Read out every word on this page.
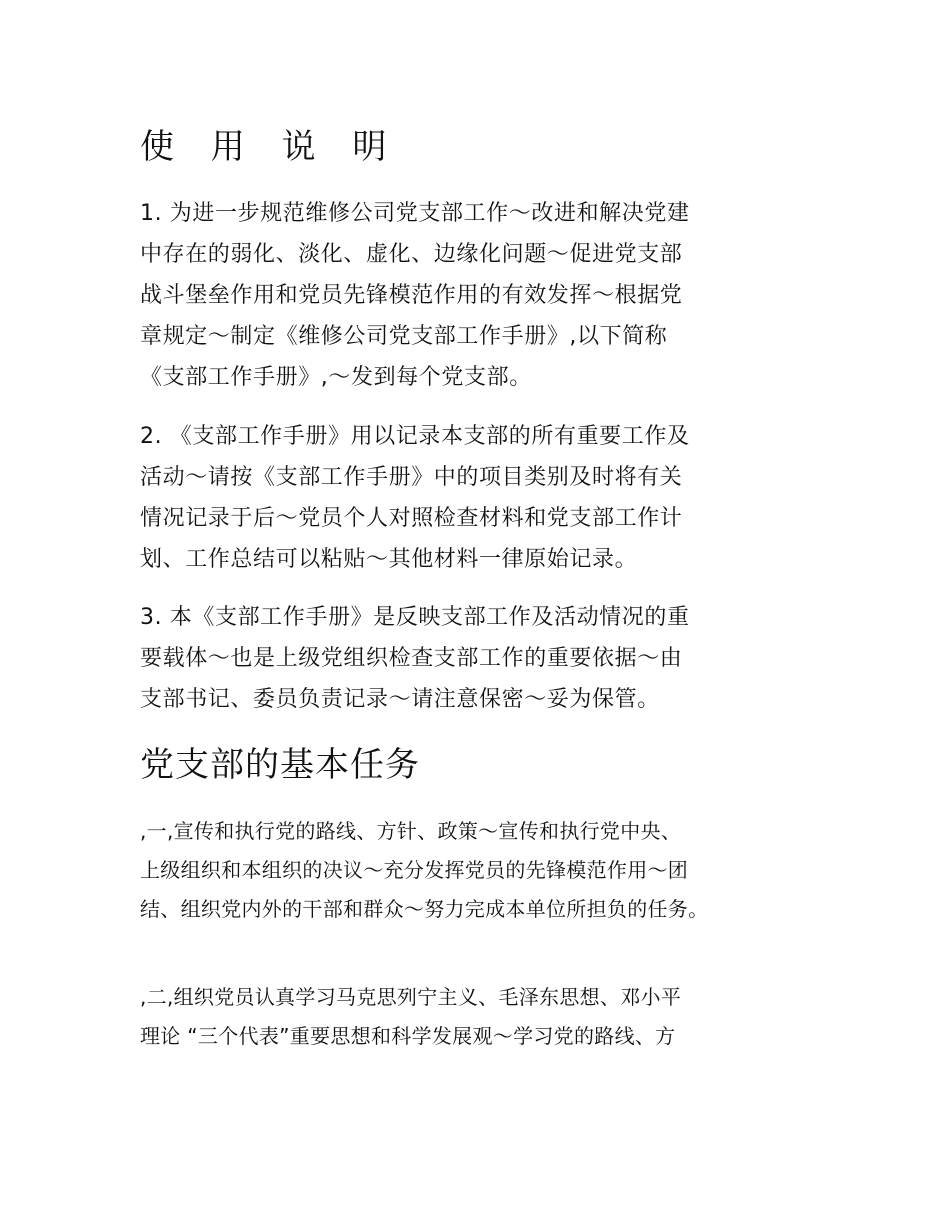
使 用 说 明

1. 为进一步规范维修公司党支部工作～改进和解决党建
中存在的弱化、淡化、虚化、边缘化问题～促进党支部
战斗堡垒作用和党员先锋模范作用的有效发挥～根据党
章规定～制定《维修公司党支部工作手册》,以下简称
《支部工作手册》,～发到每个党支部。

2. 《支部工作手册》用以记录本支部的所有重要工作及
活动～请按《支部工作手册》中的项目类别及时将有关
情况记录于后～党员个人对照检查材料和党支部工作计
划、工作总结可以粘贴～其他材料一律原始记录。

3. 本《支部工作手册》是反映支部工作及活动情况的重
要载体～也是上级党组织检查支部工作的重要依据～由
支部书记、委员负责记录～请注意保密～妥为保管。

党支部的基本任务

,一,宣传和执行党的路线、方针、政策～宣传和执行党中央、
上级组织和本组织的决议～充分发挥党员的先锋模范作用～团
结、组织党内外的干部和群众～努力完成本单位所担负的任务。

,二,组织党员认真学习马克思列宁主义、毛泽东思想、邓小平
理论 “三个代表”重要思想和科学发展观～学习党的路线、方
